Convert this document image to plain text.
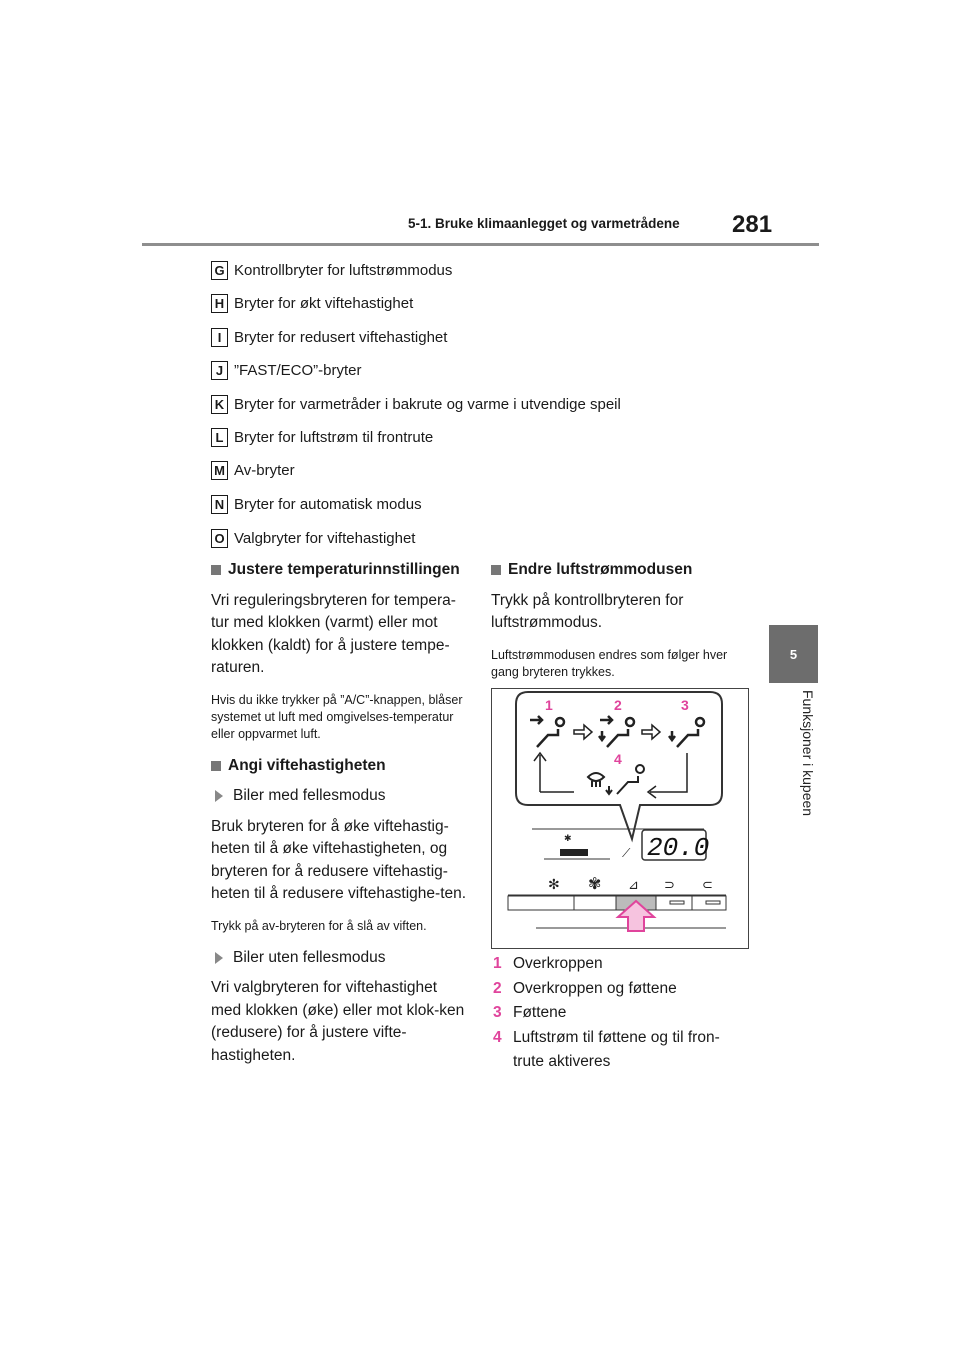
5-1. Bruke klimaanlegget og varmetrådene 281
5
Funksjoner i kupeen
G Kontrollbryter for luftstrømmodus
H Bryter for økt viftehastighet
I Bryter for redusert viftehastighet
J ”FAST/ECO”-bryter
K Bryter for varmetråder i bakrute og varme i utvendige speil
L Bryter for luftstrøm til frontrute
M Av-bryter
N Bryter for automatisk modus
O Valgbryter for viftehastighet
Justere temperaturinnstillingen

Vri reguleringsbryteren for tempera-tur med klokken (varmt) eller mot klokken (kaldt) for å justere tempe-raturen.

Hvis du ikke trykker på ”A/C”-knappen, blåser systemet ut luft med omgivelses-temperatur eller oppvarmet luft.

Angi viftehastigheten
Biler med fellesmodus

Bruk bryteren for å øke viftehastig-heten til å øke viftehastigheten, og bryteren for å redusere viftehastig-heten til å redusere viftehastighe-ten.

Trykk på av-bryteren for å slå av viften.

Biler uten fellesmodus

Vri valgbryteren for viftehastighet med klokken (øke) eller mot klok-ken (redusere) for å justere vifte-hastigheten.

Endre luftstrømmodusen

Trykk på kontrollbryteren for luftstrømmodus.

Luftstrømmodusen endres som følger hver gang bryteren trykkes.

1	2	3
4
✱
⟋ 20.0
✻ ✾ ⊿ ⊃ ⊂
1 Overkroppen
2 Overkroppen og føttene
3 Føttene
4 Luftstrøm til føttene og til fron-trute aktiveres
